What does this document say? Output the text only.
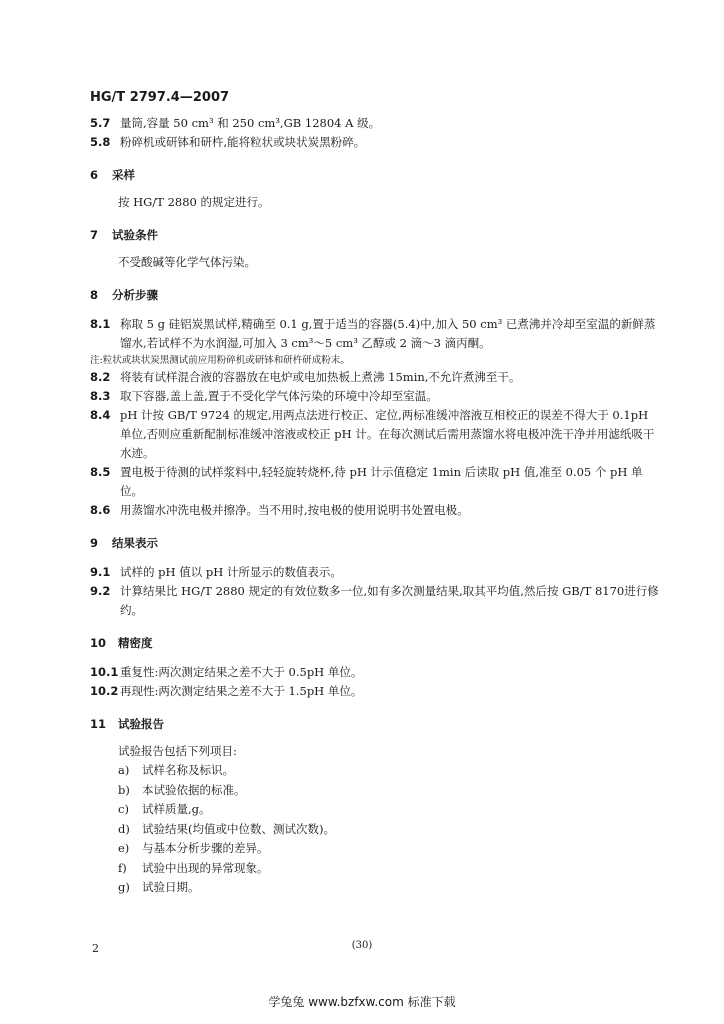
HG/T 2797.4—2007
5.7 量筒,容量 50 cm³ 和 250 cm³,GB 12804 A 级。
5.8 粉碎机或研钵和研杵,能将粒状或块状炭黑粉碎。
6	采样
按 HG/T 2880 的规定进行。
7	试验条件
不受酸碱等化学气体污染。
8	分析步骤
8.1 称取 5 g 硅铝炭黑试样,精确至 0.1 g,置于适当的容器(5.4)中,加入 50 cm³ 已煮沸并冷却至室温的新鲜蒸馏水,若试样不为水润湿,可加入 3 cm³～5 cm³ 乙醇或 2 滴～3 滴丙酮。
注:粒状或块状炭黑测试前应用粉碎机或研钵和研杵研成粉末。
8.2 将装有试样混合液的容器放在电炉或电加热板上煮沸 15min,不允许煮沸至干。
8.3 取下容器,盖上盖,置于不受化学气体污染的环境中冷却至室温。
8.4 pH 计按 GB/T 9724 的规定,用两点法进行校正、定位,两标准缓冲溶液互相校正的误差不得大于 0.1pH 单位,否则应重新配制标准缓冲溶液或校正 pH 计。在每次测试后需用蒸馏水将电极冲洗干净并用滤纸吸干水迹。
8.5 置电极于待测的试样浆料中,轻轻旋转烧杯,待 pH 计示值稳定 1min 后读取 pH 值,准至 0.05 个 pH 单位。
8.6 用蒸馏水冲洗电极并擦净。当不用时,按电极的使用说明书处置电极。
9	结果表示
9.1 试样的 pH 值以 pH 计所显示的数值表示。
9.2 计算结果比 HG/T 2880 规定的有效位数多一位,如有多次测量结果,取其平均值,然后按 GB/T 8170进行修约。
10	精密度
10.1 重复性:两次测定结果之差不大于 0.5pH 单位。
10.2 再现性:两次测定结果之差不大于 1.5pH 单位。
11	试验报告
试验报告包括下列项目:
a)	试样名称及标识。
b)	本试验依据的标准。
c)	试样质量,g。
d)	试验结果(均值或中位数、测试次数)。
e)	与基本分析步骤的差异。
f)	试验中出现的异常现象。
g)	试验日期。
2	(30)
学兔兔 www.bzfxw.com 标准下载
